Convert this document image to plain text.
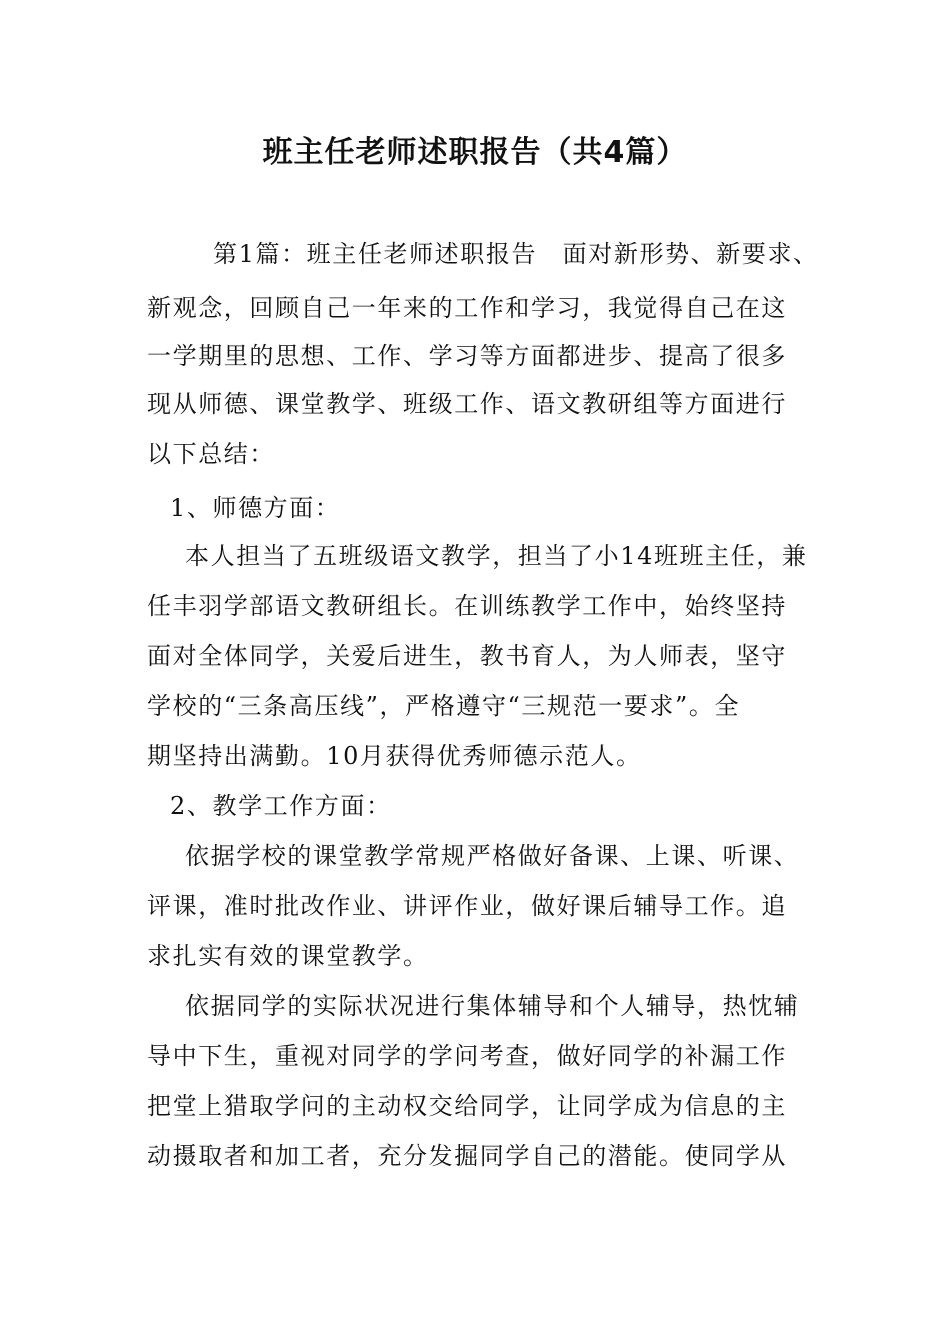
班主任老师述职报告（共4篇）
第1篇：班主任老师述职报告　面对新形势、新要求、
新观念，回顾自己一年来的工作和学习，我觉得自己在这
一学期里的思想、工作、学习等方面都进步、提高了很多
现从师德、课堂教学、班级工作、语文教研组等方面进行
以下总结：
1、师德方面：
本人担当了五班级语文教学，担当了小14班班主任，兼
任丰羽学部语文教研组长。在训练教学工作中，始终坚持
面对全体同学，关爱后进生，教书育人，为人师表，坚守
学校的“三条高压线”，严格遵守“三规范一要求”。全
期坚持出满勤。10月获得优秀师德示范人。
2、教学工作方面：
依据学校的课堂教学常规严格做好备课、上课、听课、
评课，准时批改作业、讲评作业，做好课后辅导工作。追
求扎实有效的课堂教学。
依据同学的实际状况进行集体辅导和个人辅导，热忱辅
导中下生，重视对同学的学问考查，做好同学的补漏工作
把堂上猎取学问的主动权交给同学，让同学成为信息的主
动摄取者和加工者，充分发掘同学自己的潜能。使同学从
